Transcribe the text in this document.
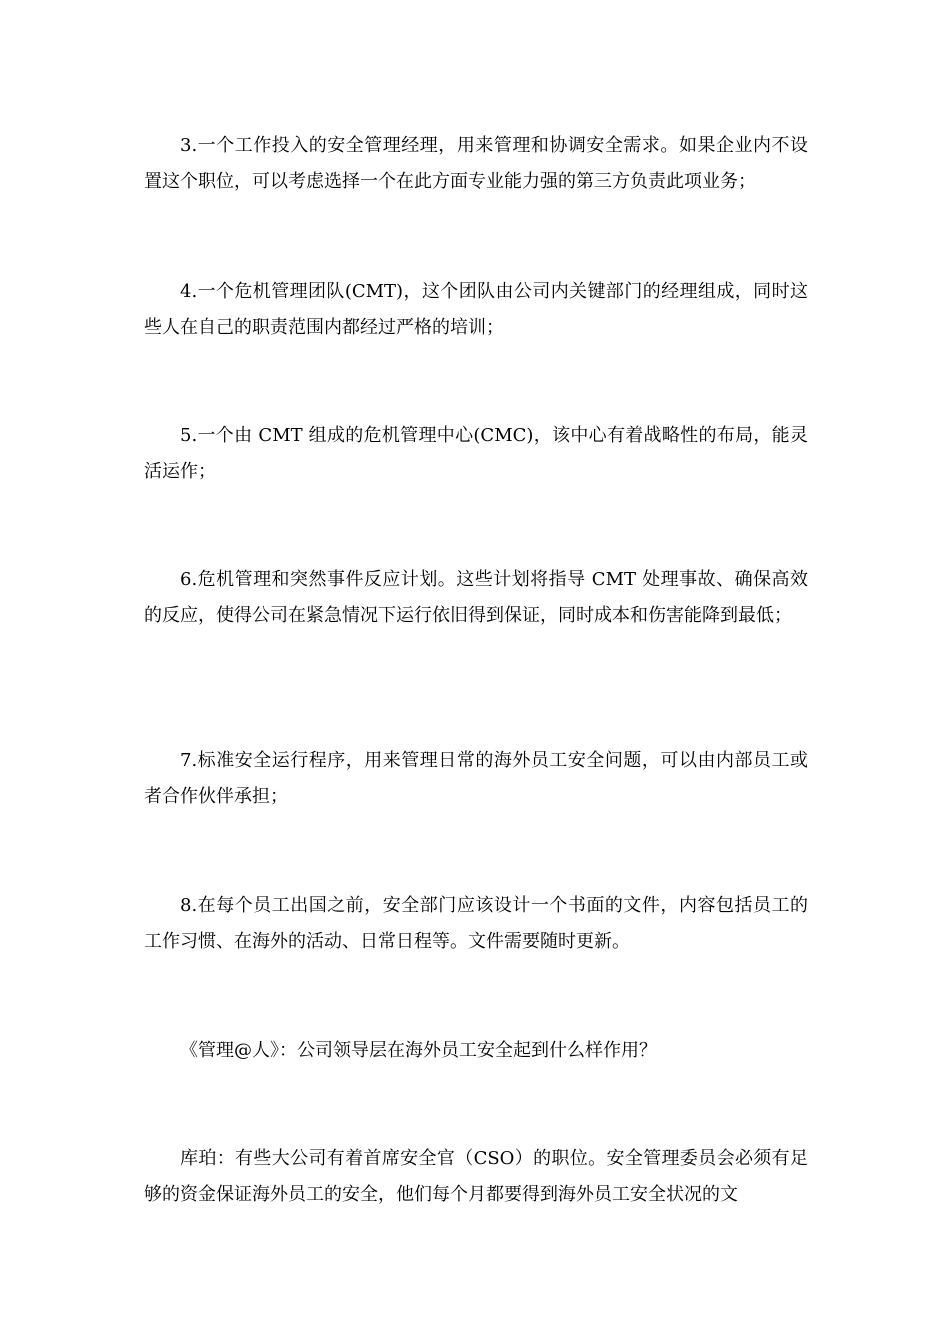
3.一个工作投入的安全管理经理，用来管理和协调安全需求。如果企业内不设置这个职位，可以考虑选择一个在此方面专业能力强的第三方负责此项业务；

4.一个危机管理团队(CMT)，这个团队由公司内关键部门的经理组成，同时这些人在自己的职责范围内都经过严格的培训；

5.一个由 CMT 组成的危机管理中心(CMC)，该中心有着战略性的布局，能灵活运作；

6.危机管理和突然事件反应计划。这些计划将指导 CMT 处理事故、确保高效的反应，使得公司在紧急情况下运行依旧得到保证，同时成本和伤害能降到最低；

7.标准安全运行程序，用来管理日常的海外员工安全问题，可以由内部员工或者合作伙伴承担；

8.在每个员工出国之前，安全部门应该设计一个书面的文件，内容包括员工的工作习惯、在海外的活动、日常日程等。文件需要随时更新。

《管理@人》：公司领导层在海外员工安全起到什么样作用？

库珀：有些大公司有着首席安全官（CSO）的职位。安全管理委员会必须有足够的资金保证海外员工的安全，他们每个月都要得到海外员工安全状况的文
